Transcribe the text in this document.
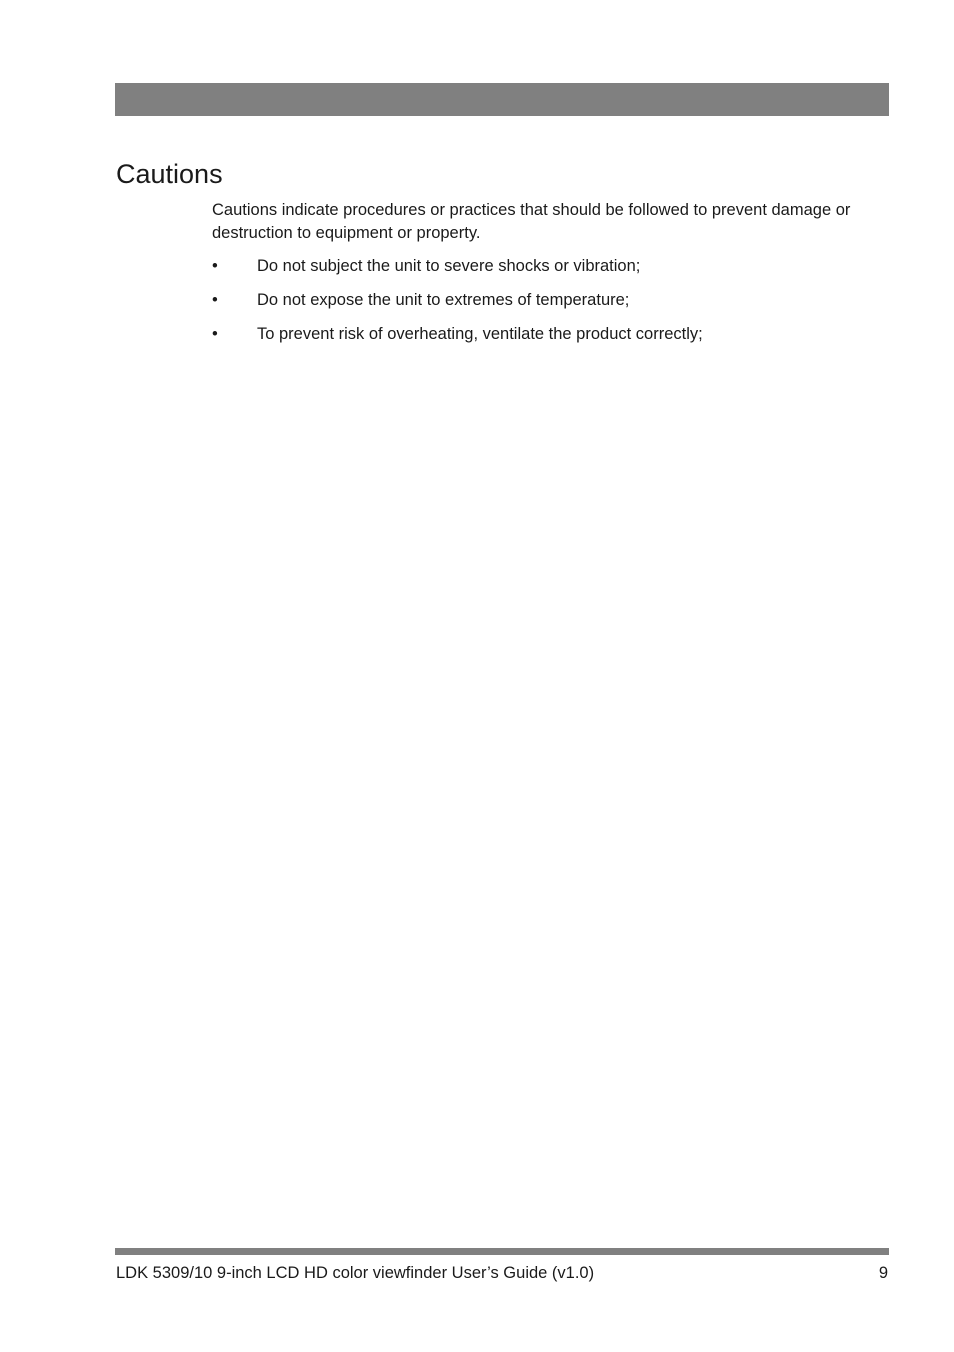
Cautions

Cautions indicate procedures or practices that should be followed to prevent damage or destruction to equipment or property.

•	Do not subject the unit to severe shocks or vibration;
•	Do not expose the unit to extremes of temperature;
•	To prevent risk of overheating, ventilate the product correctly;
LDK 5309/10 9-inch LCD HD color viewfinder User’s Guide (v1.0)	9
